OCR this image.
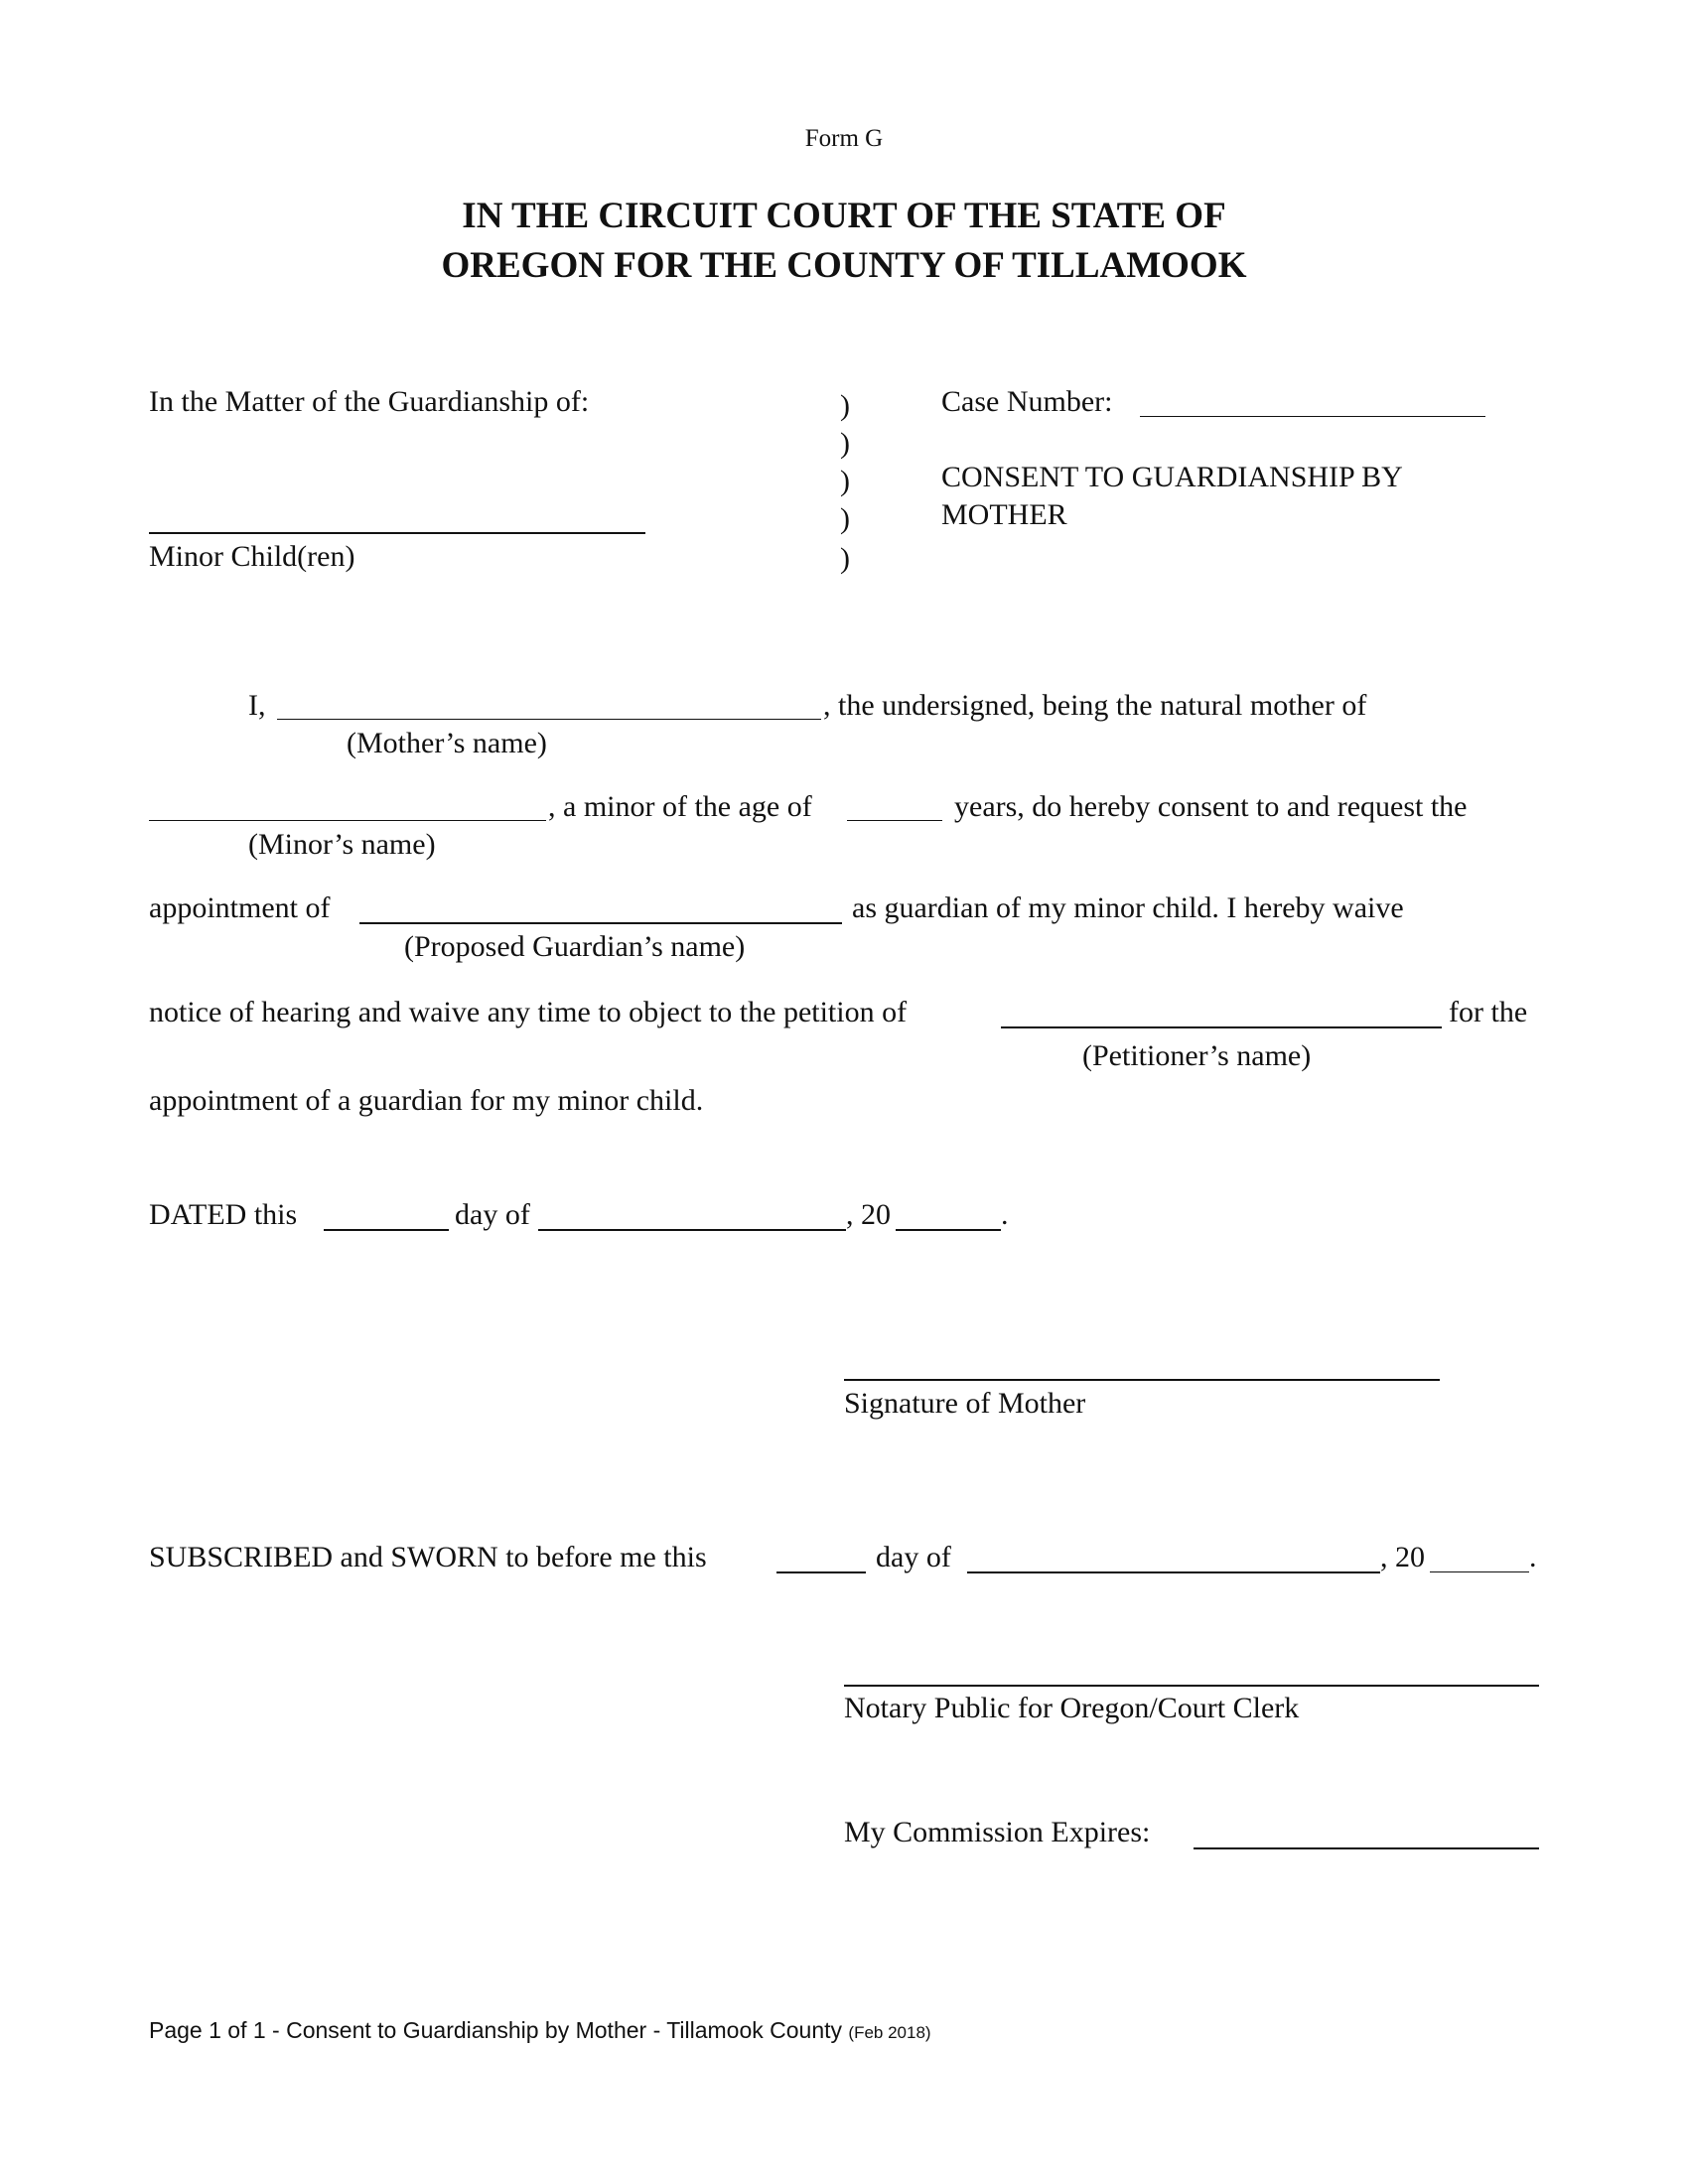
Form G
IN THE CIRCUIT COURT OF THE STATE OF
OREGON FOR THE COUNTY OF TILLAMOOK
In the Matter of the Guardianship of:
Minor Child(ren)
)
)
)
)
)
Case Number:
CONSENT TO GUARDIANSHIP BY
MOTHER
I,	, the undersigned, being the natural mother of
(Mother’s name)
, a minor of the age of	years, do hereby consent to and request the
(Minor’s name)
appointment of	as guardian of my minor child. I hereby waive
(Proposed Guardian’s name)
notice of hearing and waive any time to object to the petition of	for the
(Petitioner’s name)
appointment of a guardian for my minor child.
DATED this	day of	, 20	.
Signature of Mother
SUBSCRIBED and SWORN to before me this	day of	, 20	.
Notary Public for Oregon/Court Clerk
My Commission Expires:
Page 1 of 1 - Consent to Guardianship by Mother - Tillamook County (Feb 2018)
